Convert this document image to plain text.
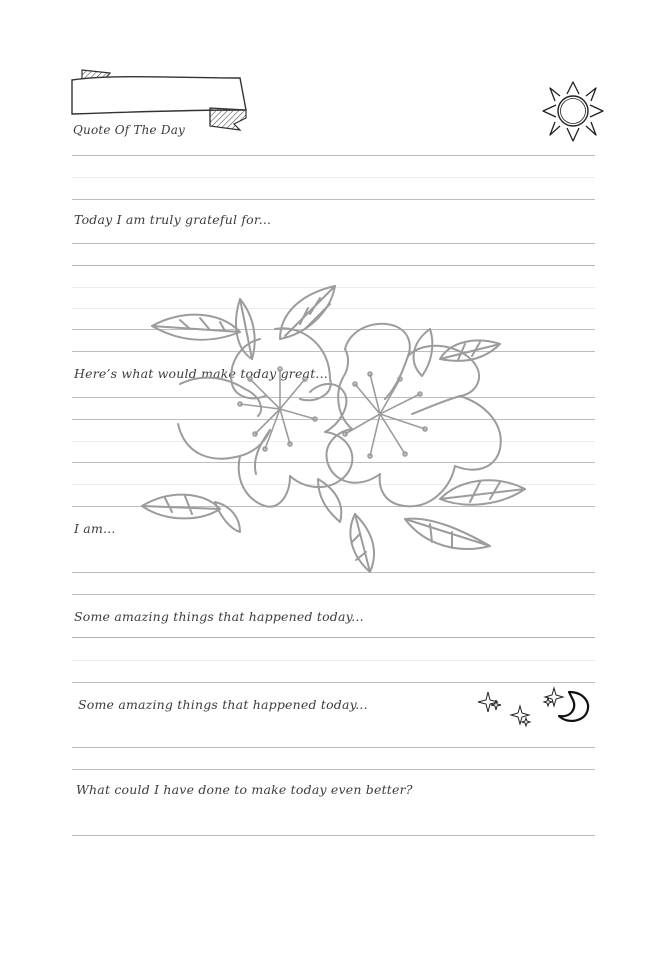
Quote Of The Day
Today I am truly grateful for...
Here’s what would make today great...
I am...
Some amazing things that happened today...
Some amazing things that happened today...
What could I have done to make today even better?
